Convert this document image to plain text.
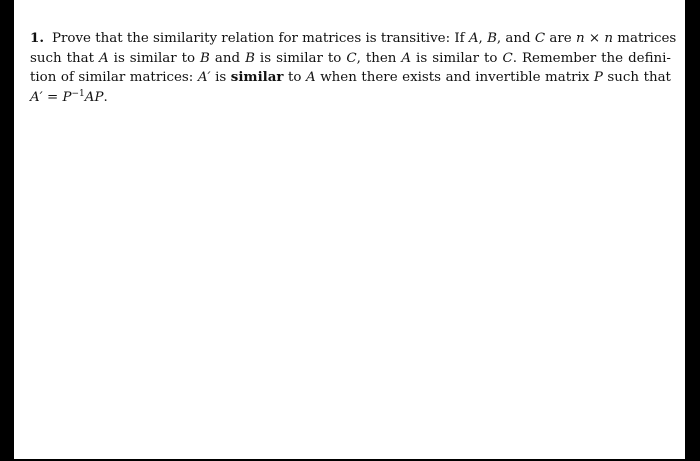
1. Prove that the similarity relation for matrices is transitive: If A, B, and C are n × n matrices
such that A is similar to B and B is similar to C, then A is similar to C. Remember the defini-
tion of similar matrices: A′ is similar to A when there exists and invertible matrix P such that
$A' = P^{-1}AP$.
